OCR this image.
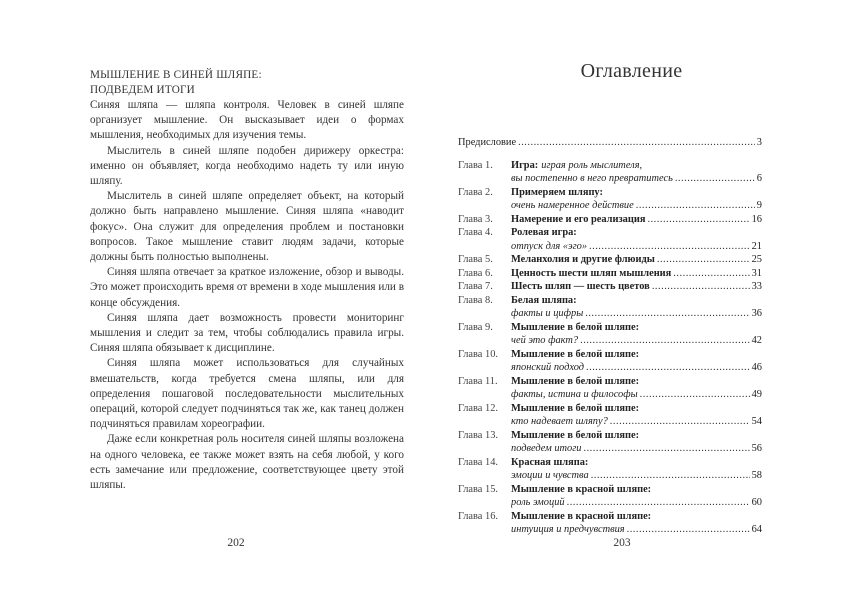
МЫШЛЕНИЕ В СИНЕЙ ШЛЯПЕ:
ПОДВЕДЕМ ИТОГИ

Синяя шляпа — шляпа контроля. Человек в синей шляпе организует мышление. Он высказывает идеи о формах мышления, необходимых для изучения темы.

Мыслитель в синей шляпе подобен дирижеру оркестра: именно он объявляет, когда необходимо надеть ту или иную шляпу.

Мыслитель в синей шляпе определяет объект, на который должно быть направлено мышление. Синяя шляпа «наводит фокус». Она служит для определения проблем и постановки вопросов. Такое мышление ставит людям задачи, которые должны быть полностью выполнены.

Синяя шляпа отвечает за краткое изложение, обзор и выводы. Это может происходить время от времени в ходе мышления или в конце обсуждения.

Синяя шляпа дает возможность провести мониторинг мышления и следит за тем, чтобы соблюдались правила игры. Синяя шляпа обязывает к дисциплине.

Синяя шляпа может использоваться для случайных вмешательств, когда требуется смена шляпы, или для определения пошаговой последовательности мыслительных операций, которой следует подчиняться так же, как танец должен подчиняться правилам хореографии.

Даже если конкретная роль носителя синей шляпы возложена на одного человека, ее также может взять на себя любой, у кого есть замечание или предложение, соответствующее цвету этой шляпы.

202
Оглавление
Предисловие .....	3
Глава 1.	Игра: играя роль мыслителя,
вы постепенно в него превратитесь .....	6
Глава 2.	Примеряем шляпу:
очень намеренное действие .....	9
Глава 3.	Намерение и его реализация .....	16
Глава 4.	Ролевая игра:
отпуск для «эго» .....	21
Глава 5.	Меланхолия и другие флюиды .....	25
Глава 6.	Ценность шести шляп мышления .....	31
Глава 7.	Шесть шляп — шесть цветов .....	33
Глава 8.	Белая шляпа:
факты и цифры .....	36
Глава 9.	Мышление в белой шляпе:
чей это факт? .....	42
Глава 10.	Мышление в белой шляпе:
японский подход .....	46
Глава 11.	Мышление в белой шляпе:
факты, истина и философы .....	49
Глава 12.	Мышление в белой шляпе:
кто надевает шляпу? .....	54
Глава 13.	Мышление в белой шляпе:
подведем итоги .....	56
Глава 14.	Красная шляпа:
эмоции и чувства .....	58
Глава 15.	Мышление в красной шляпе:
роль эмоций .....	60
Глава 16.	Мышление в красной шляпе:
интуиция и предчувствия .....	64
203
